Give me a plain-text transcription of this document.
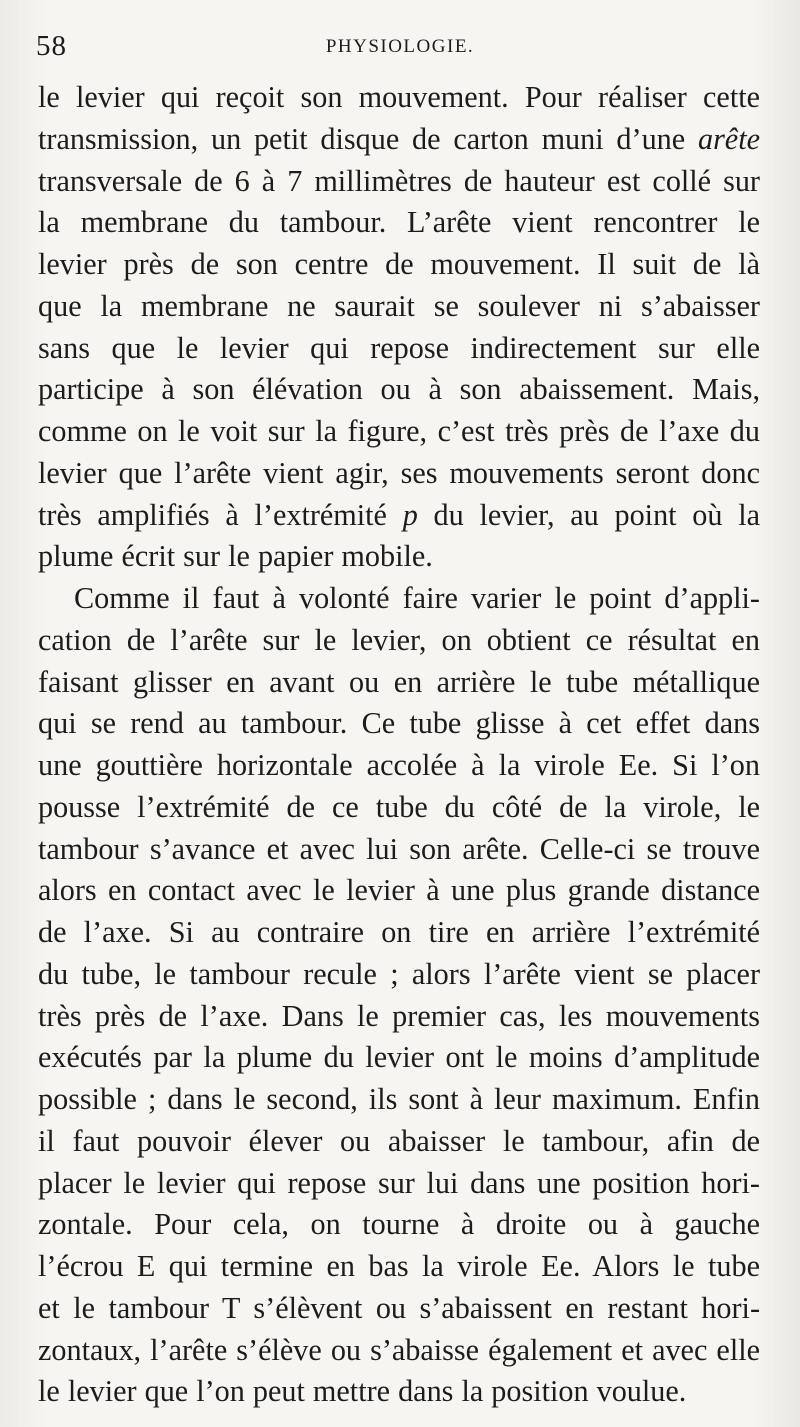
58	PHYSIOLOGIE.
le levier qui reçoit son mouvement. Pour réaliser cette
transmission, un petit disque de carton muni d’une arête
transversale de 6 à 7 millimètres de hauteur est collé sur
la membrane du tambour. L’arête vient rencontrer le
levier près de son centre de mouvement. Il suit de là
que la membrane ne saurait se soulever ni s’abaisser
sans que le levier qui repose indirectement sur elle
participe à son élévation ou à son abaissement. Mais,
comme on le voit sur la figure, c’est très près de l’axe du
levier que l’arête vient agir, ses mouvements seront donc
très amplifiés à l’extrémité p du levier, au point où la
plume écrit sur le papier mobile.
Comme il faut à volonté faire varier le point d’appli-
cation de l’arête sur le levier, on obtient ce résultat en
faisant glisser en avant ou en arrière le tube métallique
qui se rend au tambour. Ce tube glisse à cet effet dans
une gouttière horizontale accolée à la virole Ee. Si l’on
pousse l’extrémité de ce tube du côté de la virole, le
tambour s’avance et avec lui son arête. Celle-ci se trouve
alors en contact avec le levier à une plus grande distance
de l’axe. Si au contraire on tire en arrière l’extrémité
du tube, le tambour recule ; alors l’arête vient se placer
très près de l’axe. Dans le premier cas, les mouvements
exécutés par la plume du levier ont le moins d’amplitude
possible ; dans le second, ils sont à leur maximum. Enfin
il faut pouvoir élever ou abaisser le tambour, afin de
placer le levier qui repose sur lui dans une position hori-
zontale. Pour cela, on tourne à droite ou à gauche
l’écrou E qui termine en bas la virole Ee. Alors le tube
et le tambour T s’élèvent ou s’abaissent en restant hori-
zontaux, l’arête s’élève ou s’abaisse également et avec elle
le levier que l’on peut mettre dans la position voulue.
